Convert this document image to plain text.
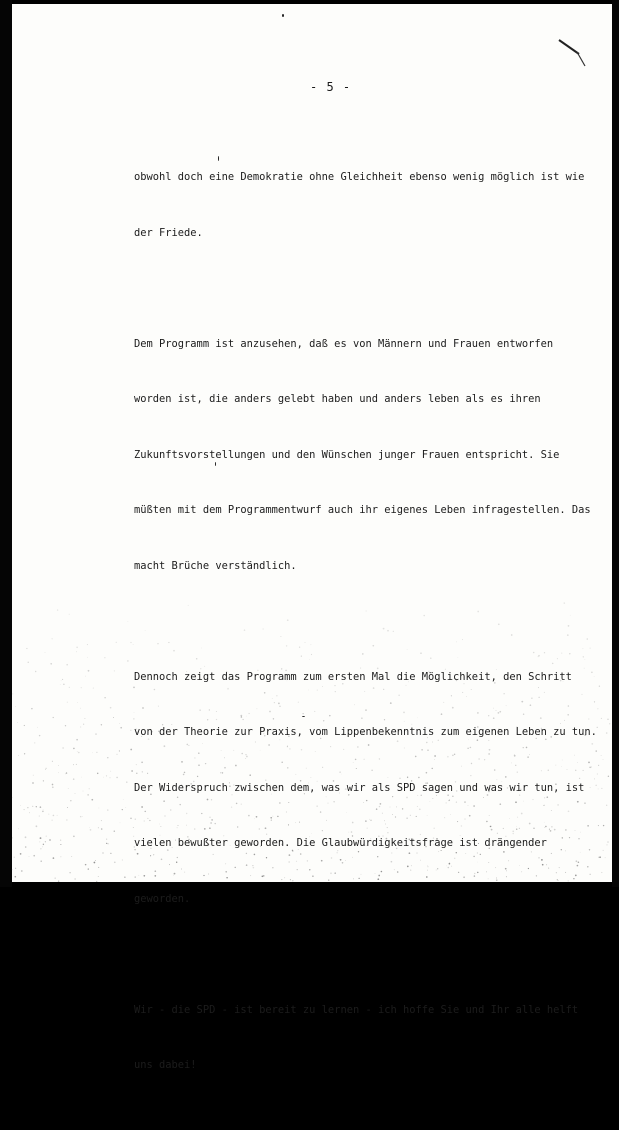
- 5 -

obwohl doch eine Demokratie ohne Gleichheit ebenso wenig möglich ist wie

der Friede.

Dem Programm ist anzusehen, daß es von Männern und Frauen entworfen

worden ist, die anders gelebt haben und anders leben als es ihren

Zukunftsvorstellungen und den Wünschen junger Frauen entspricht. Sie

müßten mit dem Programmentwurf auch ihr eigenes Leben infragestellen. Das

macht Brüche verständlich.

Dennoch zeigt das Programm zum ersten Mal die Möglichkeit, den Schritt

von der Theorie zur Praxis, vom Lippenbekenntnis zum eigenen Leben zu tun.

Der Widerspruch zwischen dem, was wir als SPD sagen und was wir tun, ist

vielen bewußter geworden. Die Glaubwürdigkeitsfrage ist drängender

geworden.

Wir - die SPD - ist bereit zu lernen - ich hoffe Sie und Ihr alle helft

uns dabei!
